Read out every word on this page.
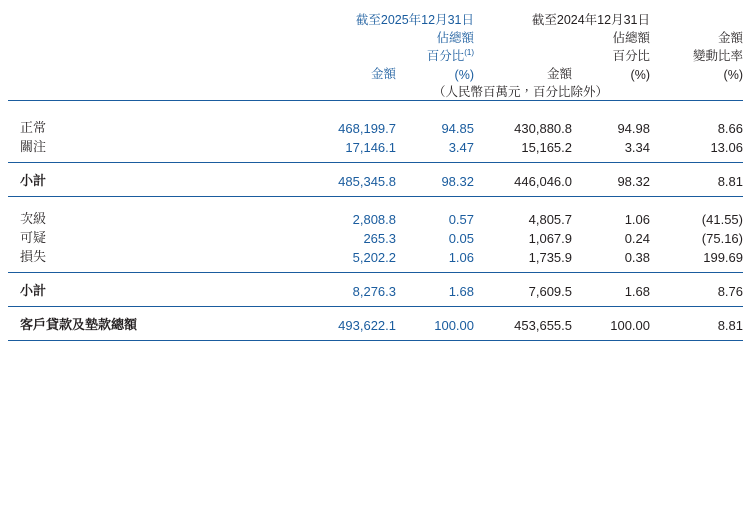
	截至2025年12月31日		截至2024年12月31日		
		佔總額		佔總額	金額
		百分比$^{(1)}$		百分比	變動比率
	金額	(%)	金額	(%)	(%)
	（人民幣百萬元，百分比除外）				

正常	468,199.7	94.85	430,880.8	94.98	8.66
關注	17,146.1	3.47	15,165.2	3.34	13.06

小計	485,345.8	98.32	446,046.0	98.32	8.81

次級	2,808.8	0.57	4,805.7	1.06	(41.55)
可疑	265.3	0.05	1,067.9	0.24	(75.16)
損失	5,202.2	1.06	1,735.9	0.38	199.69

小計	8,276.3	1.68	7,609.5	1.68	8.76

客戶貸款及墊款總額	493,622.1	100.00	453,655.5	100.00	8.81
